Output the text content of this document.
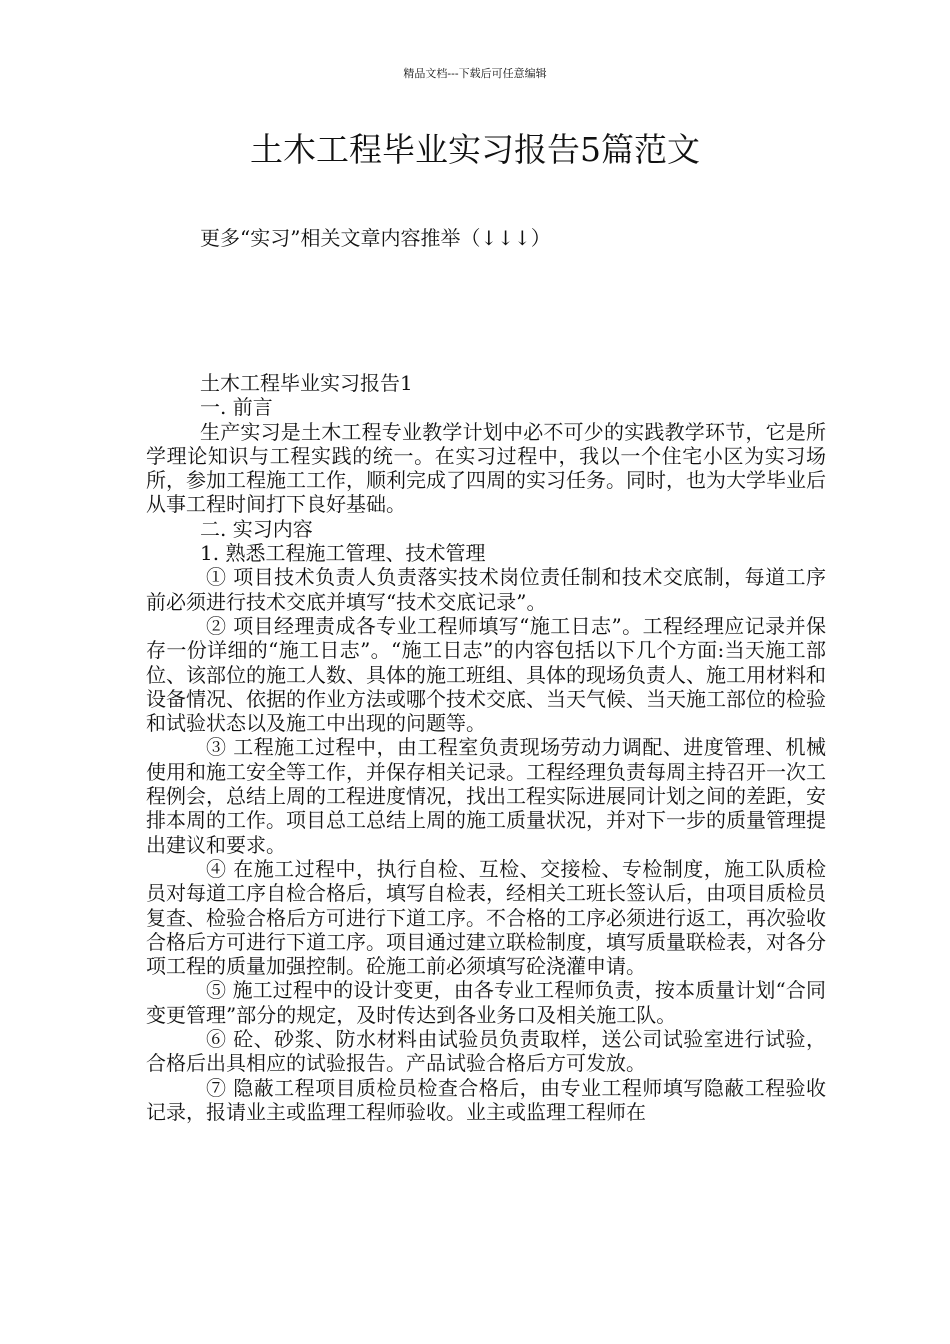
精品文档---下载后可任意编辑
土木工程毕业实习报告5篇范文
更多“实习”相关文章内容推举（↓↓↓）

土木工程毕业实习报告1

一. 前言

生产实习是土木工程专业教学计划中必不可少的实践教学环节，它是所学理论知识与工程实践的统一。在实习过程中，我以一个住宅小区为实习场所，参加工程施工工作，顺利完成了四周的实习任务。同时，也为大学毕业后从事工程时间打下良好基础。

二. 实习内容

1. 熟悉工程施工管理、技术管理

① 项目技术负责人负责落实技术岗位责任制和技术交底制，每道工序前必须进行技术交底并填写“技术交底记录”。

② 项目经理责成各专业工程师填写“施工日志”。工程经理应记录并保存一份详细的“施工日志”。“施工日志”的内容包括以下几个方面:当天施工部位、该部位的施工人数、具体的施工班组、具体的现场负责人、施工用材料和设备情况、依据的作业方法或哪个技术交底、当天气候、当天施工部位的检验和试验状态以及施工中出现的问题等。

③ 工程施工过程中，由工程室负责现场劳动力调配、进度管理、机械使用和施工安全等工作，并保存相关记录。工程经理负责每周主持召开一次工程例会，总结上周的工程进度情况，找出工程实际进展同计划之间的差距，安排本周的工作。项目总工总结上周的施工质量状况，并对下一步的质量管理提出建议和要求。

④ 在施工过程中，执行自检、互检、交接检、专检制度，施工队质检员对每道工序自检合格后，填写自检表，经相关工班长签认后，由项目质检员复查、检验合格后方可进行下道工序。不合格的工序必须进行返工，再次验收合格后方可进行下道工序。项目通过建立联检制度，填写质量联检表，对各分项工程的质量加强控制。砼施工前必须填写砼浇灌申请。

⑤ 施工过程中的设计变更，由各专业工程师负责，按本质量计划“合同变更管理”部分的规定，及时传达到各业务口及相关施工队。

⑥ 砼、砂浆、防水材料由试验员负责取样，送公司试验室进行试验，合格后出具相应的试验报告。产品试验合格后方可发放。

⑦ 隐蔽工程项目质检员检查合格后，由专业工程师填写隐蔽工程验收记录，报请业主或监理工程师验收。业主或监理工程师在
